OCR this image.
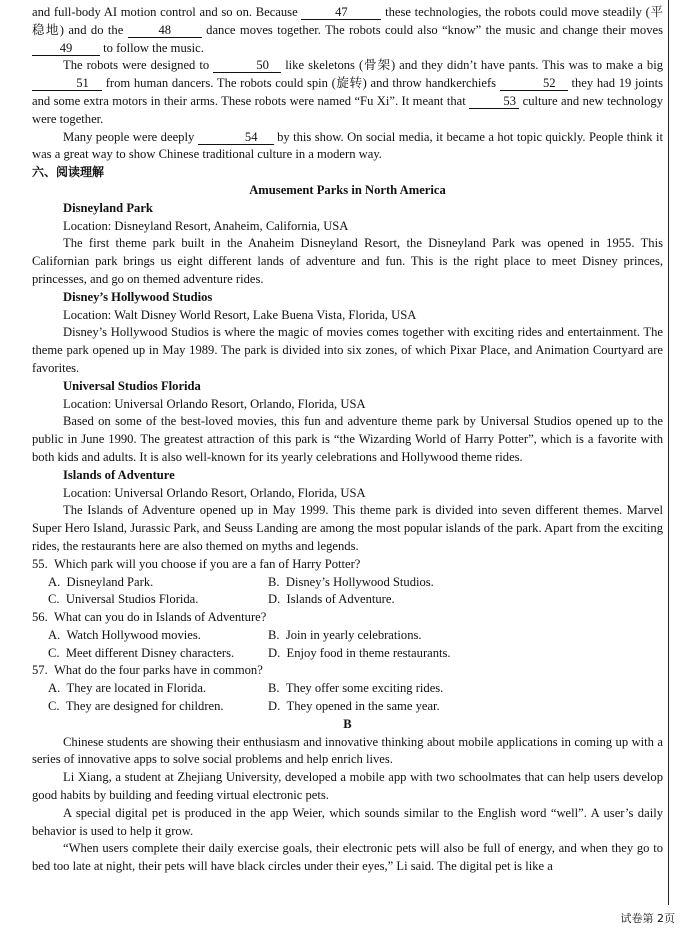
and full-body AI motion control and so on. Because	47	these technologies, the robots could move steadily (平稳地) and do the	48	dance moves together. The robots could also “know” the music and change their moves 49 to follow the music.

The robots were designed to	50 like skeletons (骨架) and they didn’t have pants. This was to make a big 51 from human dancers. The robots could spin (旋转) and throw handkerchiefs	52 they had 19 joints and some extra motors in their arms. These robots were named “Fu Xi”. It meant that	53 culture and new technology were together.

Many people were deeply	54 by this show. On social media, it became a hot topic quickly. People think it was a great way to show Chinese traditional culture in a modern way.

六、阅读理解

Amusement Parks in North America

Disneyland Park

Location: Disneyland Resort, Anaheim, California, USA

The first theme park built in the Anaheim Disneyland Resort, the Disneyland Park was opened in 1955. This Californian park brings us eight different lands of adventure and fun. This is the right place to meet Disney princes, princesses, and go on themed adventure rides.

Disney’s Hollywood Studios

Location: Walt Disney World Resort, Lake Buena Vista, Florida, USA

Disney’s Hollywood Studios is where the magic of movies comes together with exciting rides and entertainment. The theme park opened up in May 1989. The park is divided into six zones, of which Pixar Place, and Animation Courtyard are favorites.

Universal Studios Florida

Location: Universal Orlando Resort, Orlando, Florida, USA

Based on some of the best-loved movies, this fun and adventure theme park by Universal Studios opened up to the public in June 1990. The greatest attraction of this park is “the Wizarding World of Harry Potter”, which is a favorite with both kids and adults. It is also well-known for its yearly celebrations and Hollywood theme rides.

Islands of Adventure

Location: Universal Orlando Resort, Orlando, Florida, USA

The Islands of Adventure opened up in May 1999. This theme park is divided into seven different themes. Marvel Super Hero Island, Jurassic Park, and Seuss Landing are among the most popular islands of the park. Apart from the exciting rides, the restaurants here are also themed on myths and legends.

55.  Which park will you choose if you are a fan of Harry Potter?

A.  Disneyland Park.	B.  Disney’s Hollywood Studios.
C.  Universal Studios Florida.	D.  Islands of Adventure.

56.  What can you do in Islands of Adventure?

A.  Watch Hollywood movies.	B.  Join in yearly celebrations.
C.  Meet different Disney characters.	D.  Enjoy food in theme restaurants.

57.  What do the four parks have in common?

A.  They are located in Florida.	B.  They offer some exciting rides.
C.  They are designed for children.	D.  They opened in the same year.

B

Chinese students are showing their enthusiasm and innovative thinking about mobile applications in coming up with a series of innovative apps to solve social problems and help enrich lives.

Li Xiang, a student at Zhejiang University, developed a mobile app with two schoolmates that can help users develop good habits by building and feeding virtual electronic pets.

A special digital pet is produced in the app Weier, which sounds similar to the English word “well”. A user’s daily behavior is used to help it grow.

“When users complete their daily exercise goals, their electronic pets will also be full of energy, and when they go to bed too late at night, their pets will have black circles under their eyes,” Li said. The digital pet is like a

试卷第 2页
